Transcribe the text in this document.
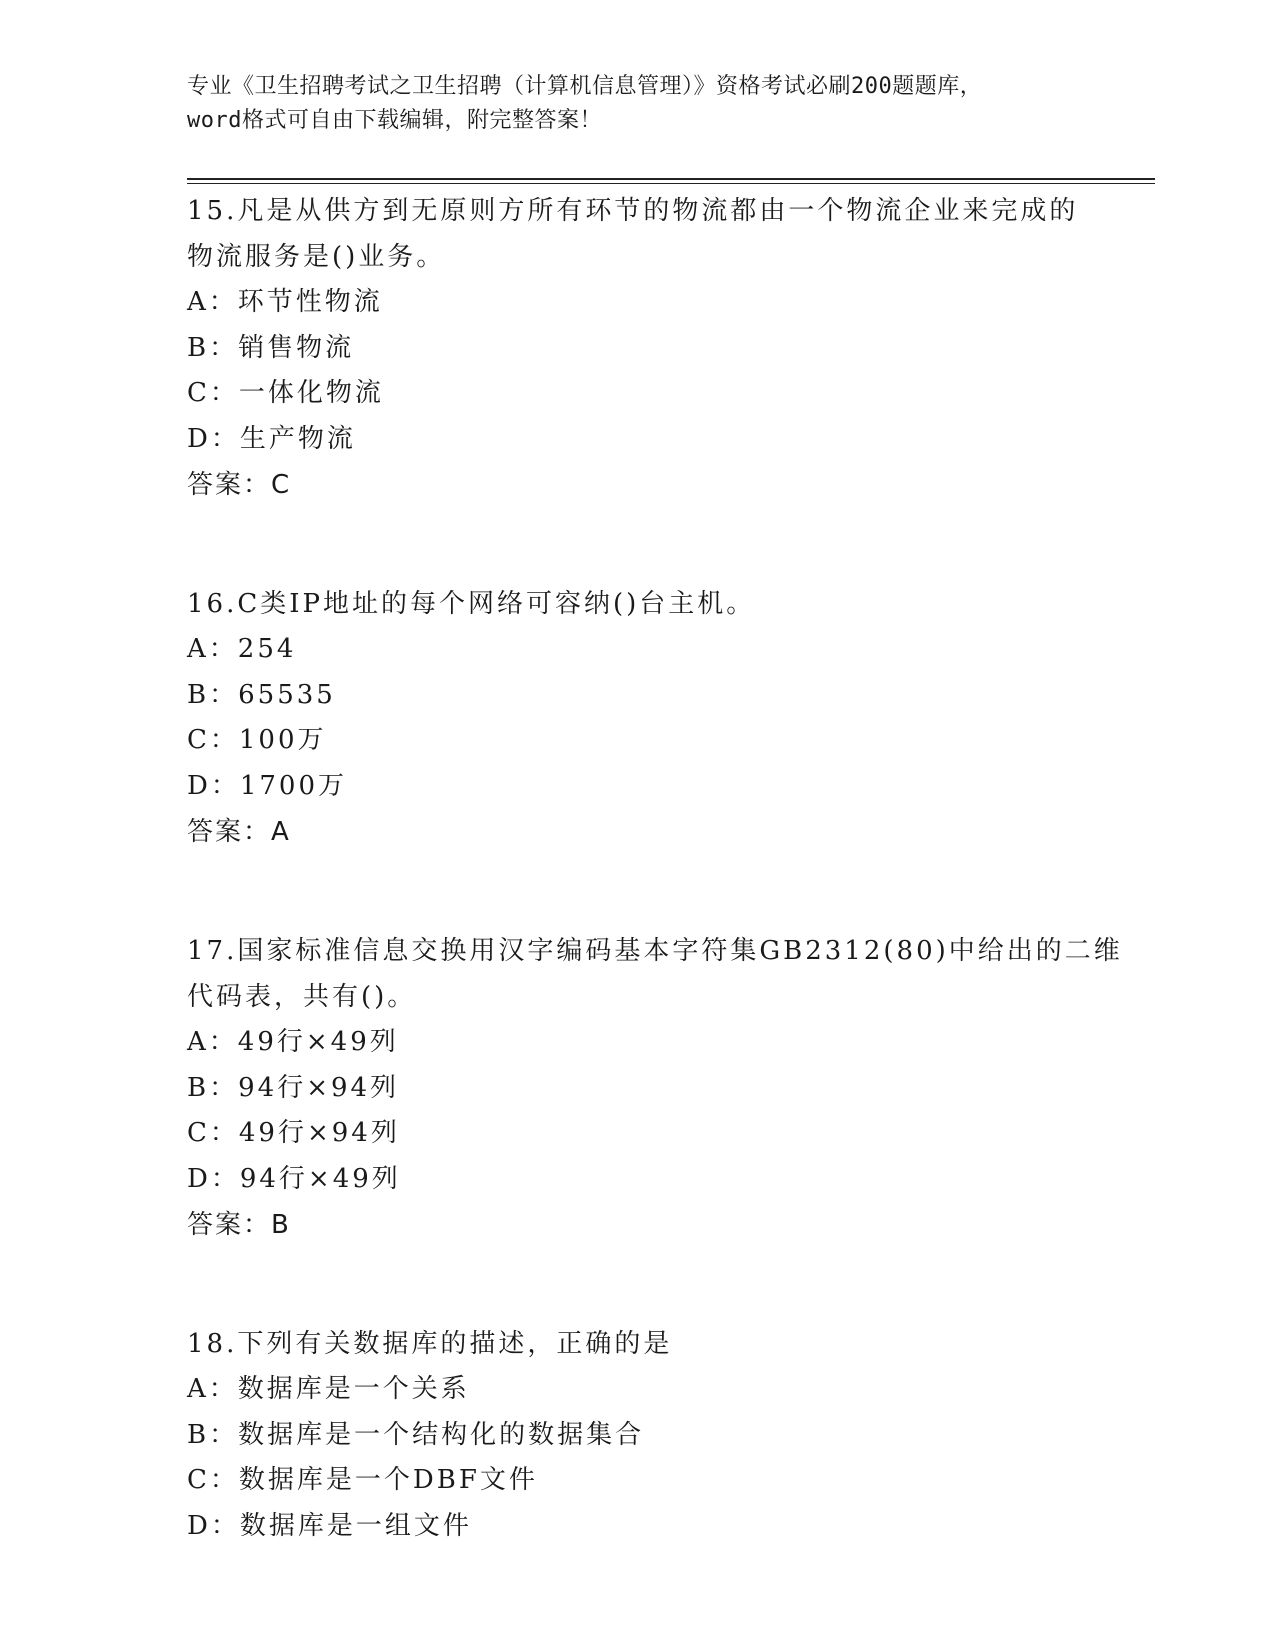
专业《卫生招聘考试之卫生招聘（计算机信息管理）》资格考试必刷200题题库，
word格式可自由下载编辑，附完整答案！
15.凡是从供方到无原则方所有环节的物流都由一个物流企业来完成的
物流服务是()业务。
A：环节性物流
B：销售物流
C：一体化物流
D：生产物流
答案：C
16.C类IP地址的每个网络可容纳()台主机。
A：254
B：65535
C：100万
D：1700万
答案：A
17.国家标准信息交换用汉字编码基本字符集GB2312(80)中给出的二维
代码表，共有()。
A：49行×49列
B：94行×94列
C：49行×94列
D：94行×49列
答案：B
18.下列有关数据库的描述，正确的是
A：数据库是一个关系
B：数据库是一个结构化的数据集合
C：数据库是一个DBF文件
D：数据库是一组文件
